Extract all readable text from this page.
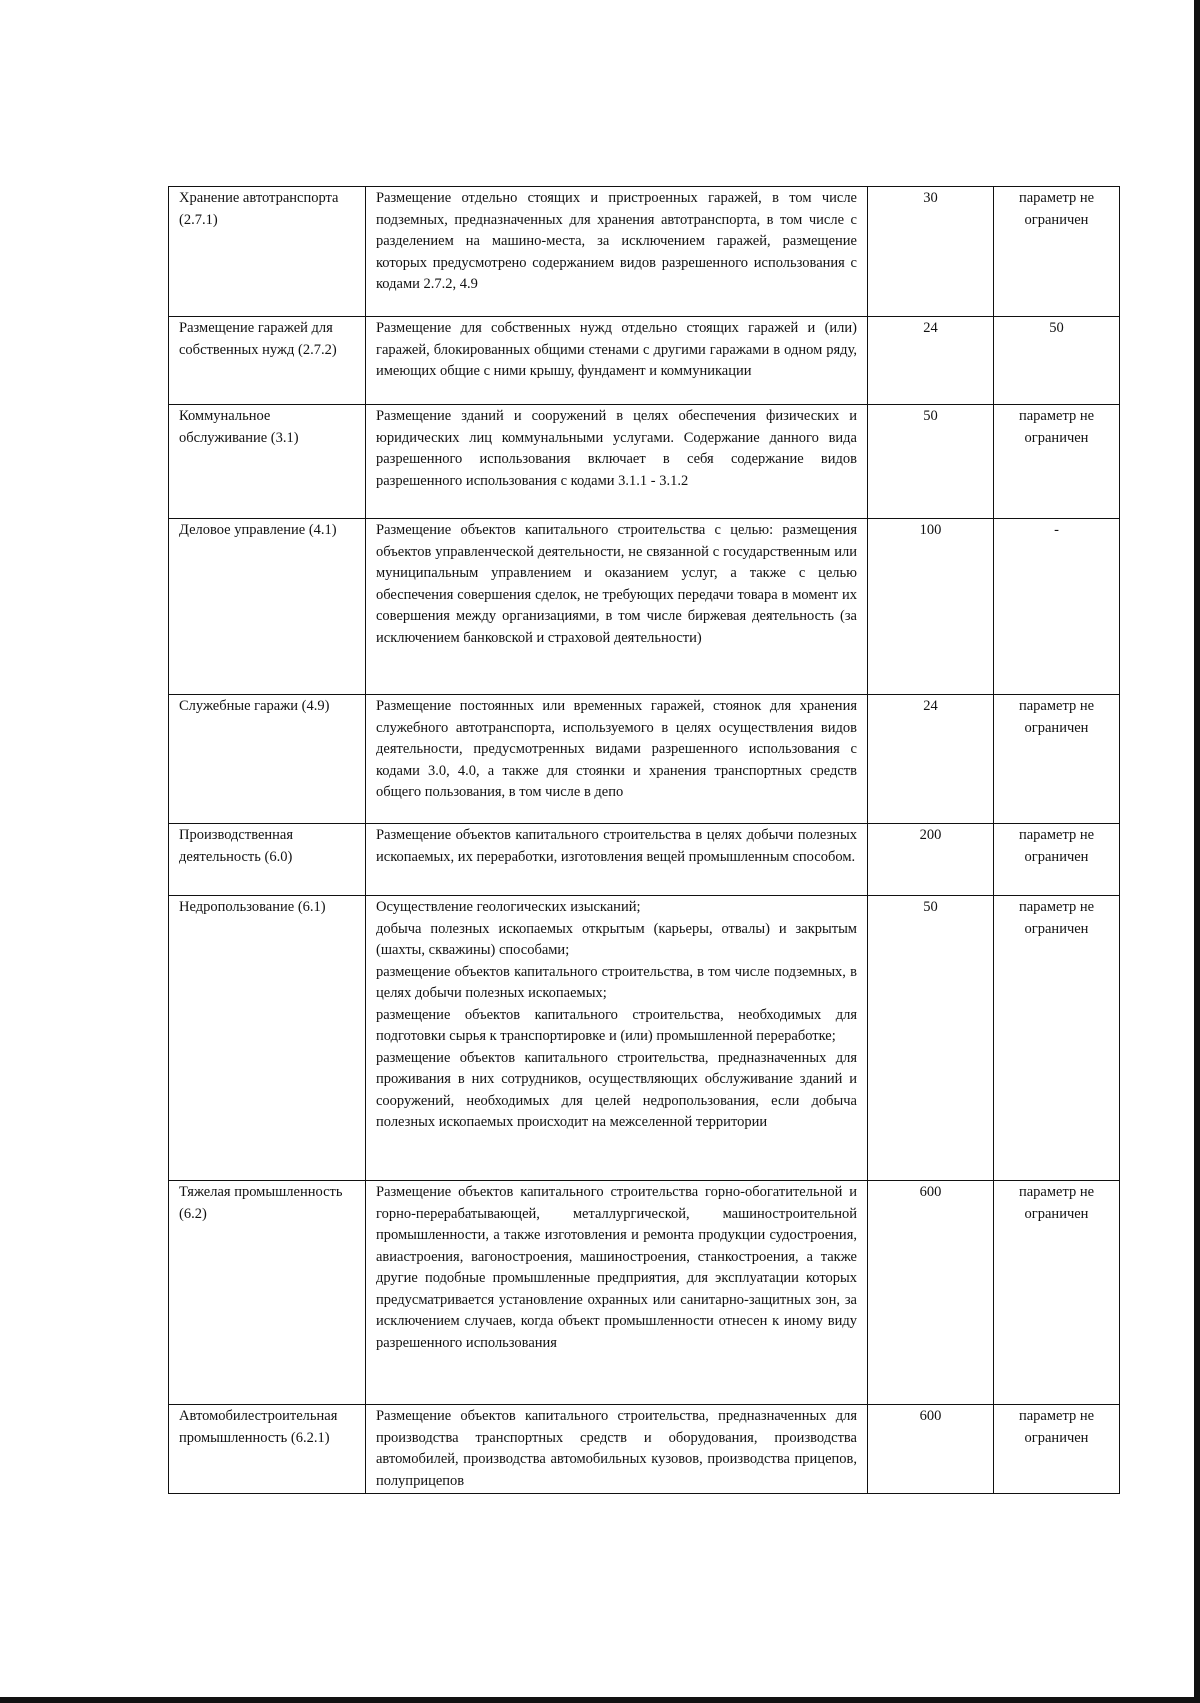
Хранение автотранспорта (2.7.1)	Размещение отдельно стоящих и пристроенных гаражей, в том числе подземных, предназначенных для хранения автотранспорта, в том числе с разделением на машино-места, за исключением гаражей, размещение которых предусмотрено содержанием видов разрешенного использования с кодами 2.7.2, 4.9	30	параметр не ограничен
Размещение гаражей для собственных нужд (2.7.2)	Размещение для собственных нужд отдельно стоящих гаражей и (или) гаражей, блокированных общими стенами с другими гаражами в одном ряду, имеющих общие с ними крышу, фундамент и коммуникации	24	50
Коммунальное обслуживание (3.1)	Размещение зданий и сооружений в целях обеспечения физических и юридических лиц коммунальными услугами. Содержание данного вида разрешенного использования включает в себя содержание видов разрешенного использования с кодами 3.1.1 - 3.1.2	50	параметр не ограничен
Деловое управление (4.1)	Размещение объектов капитального строительства с целью: размещения объектов управленческой деятельности, не связанной с государственным или муниципальным управлением и оказанием услуг, а также с целью обеспечения совершения сделок, не требующих передачи товара в момент их совершения между организациями, в том числе биржевая деятельность (за исключением банковской и страховой деятельности)	100	-
Служебные гаражи (4.9)	Размещение постоянных или временных гаражей, стоянок для хранения служебного автотранспорта, используемого в целях осуществления видов деятельности, предусмотренных видами разрешенного использования с кодами 3.0, 4.0, а также для стоянки и хранения транспортных средств общего пользования, в том числе в депо	24	параметр не ограничен
Производственная деятельность (6.0)	Размещение объектов капитального строительства в целях добычи полезных ископаемых, их переработки, изготовления вещей промышленным способом.	200	параметр не ограничен
Недропользование (6.1)	Осуществление геологических изысканий;
добыча полезных ископаемых открытым (карьеры, отвалы) и закрытым (шахты, скважины) способами;
размещение объектов капитального строительства, в том числе подземных, в целях добычи полезных ископаемых;
размещение объектов капитального строительства, необходимых для подготовки сырья к транспортировке и (или) промышленной переработке;
размещение объектов капитального строительства, предназначенных для проживания в них сотрудников, осуществляющих обслуживание зданий и сооружений, необходимых для целей недропользования, если добыча полезных ископаемых происходит на межселенной территории	50	параметр не ограничен
Тяжелая промышленность (6.2)	Размещение объектов капитального строительства горно-обогатительной и горно-перерабатывающей, металлургической, машиностроительной промышленности, а также изготовления и ремонта продукции судостроения, авиастроения, вагоностроения, машиностроения, станкостроения, а также другие подобные промышленные предприятия, для эксплуатации которых предусматривается установление охранных или санитарно-защитных зон, за исключением случаев, когда объект промышленности отнесен к иному виду разрешенного использования	600	параметр не ограничен
Автомобилестроительная промышленность (6.2.1)	Размещение объектов капитального строительства, предназначенных для производства транспортных средств и оборудования, производства автомобилей, производства автомобильных кузовов, производства прицепов, полуприцепов	600	параметр не ограничен
